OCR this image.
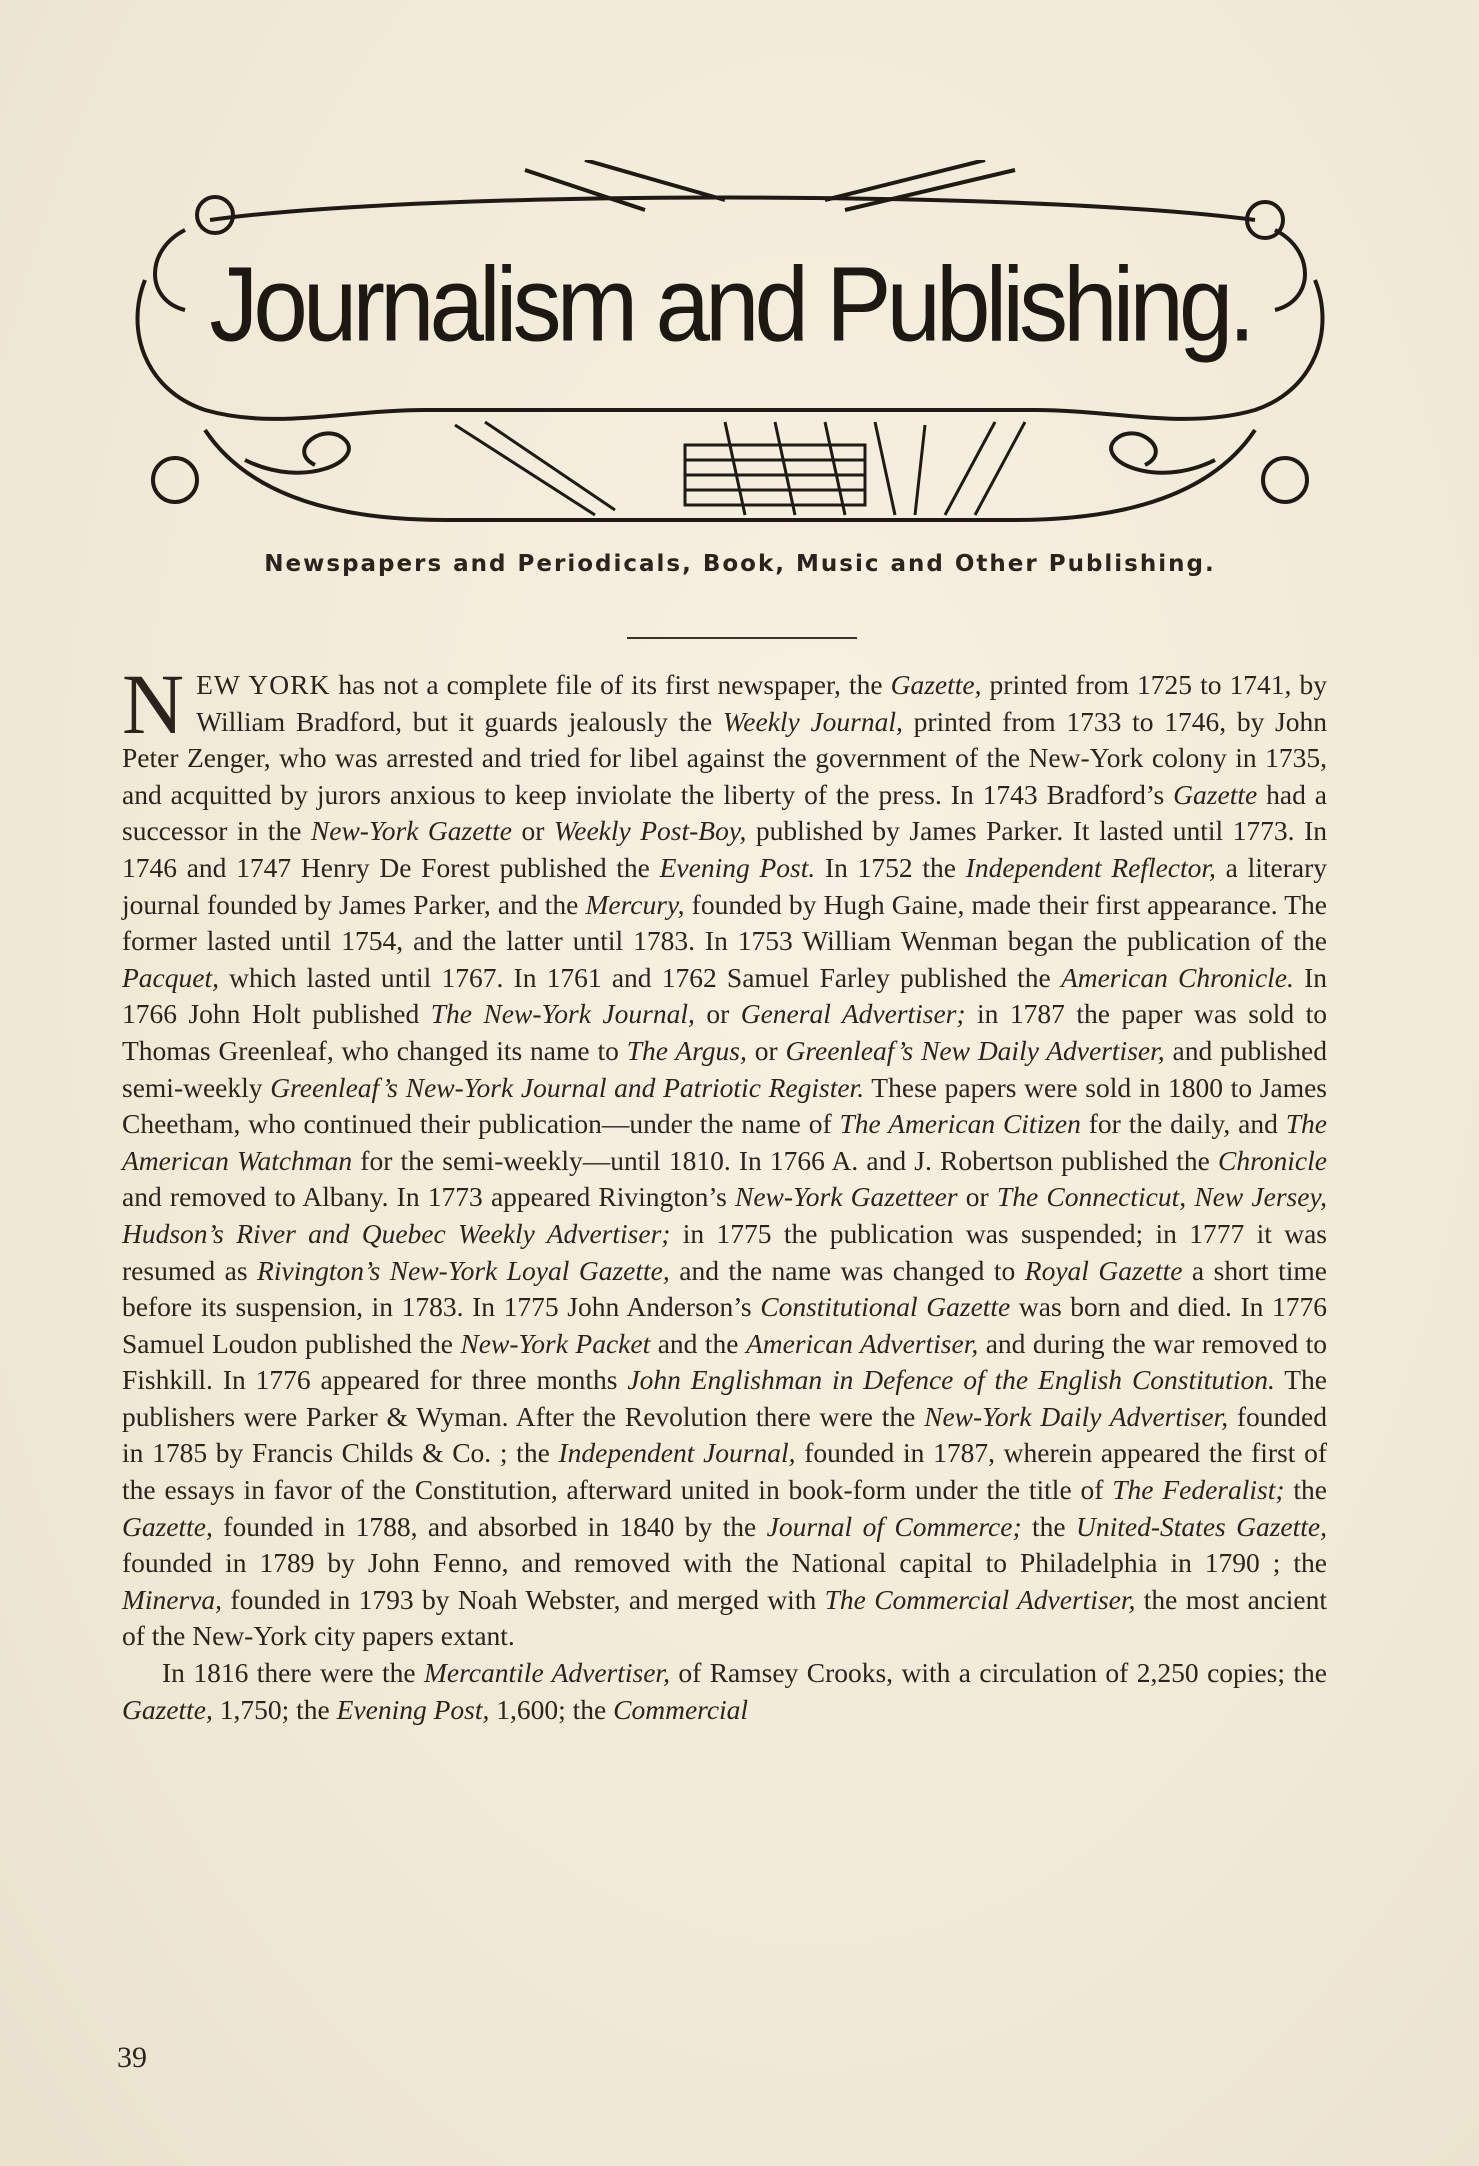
Journalism and Publishing.
Newspapers and Periodicals, Book, Music and Other Publishing.

NEW YORK has not a complete file of its first newspaper, the Gazette, printed from 1725 to 1741, by William Bradford, but it guards jealously the Weekly Journal, printed from 1733 to 1746, by John Peter Zenger, who was arrested and tried for libel against the government of the New-York colony in 1735, and acquitted by jurors anxious to keep inviolate the liberty of the press. In 1743 Bradford’s Gazette had a successor in the New-York Gazette or Weekly Post-Boy, published by James Parker. It lasted until 1773. In 1746 and 1747 Henry De Forest published the Evening Post. In 1752 the Independent Reflector, a literary journal founded by James Parker, and the Mercury, founded by Hugh Gaine, made their first appearance. The former lasted until 1754, and the latter until 1783. In 1753 William Wenman began the publication of the Pacquet, which lasted until 1767. In 1761 and 1762 Samuel Farley published the American Chronicle. In 1766 John Holt published The New-York Journal, or General Advertiser; in 1787 the paper was sold to Thomas Greenleaf, who changed its name to The Argus, or Greenleaf’s New Daily Advertiser, and published semi-weekly Greenleaf’s New-York Journal and Patriotic Register. These papers were sold in 1800 to James Cheetham, who continued their publication—under the name of The American Citizen for the daily, and The American Watchman for the semi-weekly—until 1810. In 1766 A. and J. Robertson published the Chronicle and removed to Albany. In 1773 appeared Rivington’s New-York Gazetteer or The Connecticut, New Jersey, Hudson’s River and Quebec Weekly Advertiser; in 1775 the publication was suspended; in 1777 it was resumed as Rivington’s New-York Loyal Gazette, and the name was changed to Royal Gazette a short time before its suspension, in 1783. In 1775 John Anderson’s Constitutional Gazette was born and died. In 1776 Samuel Loudon published the New-York Packet and the American Advertiser, and during the war removed to Fishkill. In 1776 appeared for three months John Englishman in Defence of the English Constitution. The publishers were Parker & Wyman. After the Revolution there were the New-York Daily Advertiser, founded in 1785 by Francis Childs & Co. ; the Independent Journal, founded in 1787, wherein appeared the first of the essays in favor of the Constitution, afterward united in book-form under the title of The Federalist; the Gazette, founded in 1788, and absorbed in 1840 by the Journal of Commerce; the United-States Gazette, founded in 1789 by John Fenno, and removed with the National capital to Philadelphia in 1790 ; the Minerva, founded in 1793 by Noah Webster, and merged with The Commercial Advertiser, the most ancient of the New-York city papers extant.

In 1816 there were the Mercantile Advertiser, of Ramsey Crooks, with a circulation of 2,250 copies; the Gazette, 1,750; the Evening Post, 1,600; the Commercial

39
